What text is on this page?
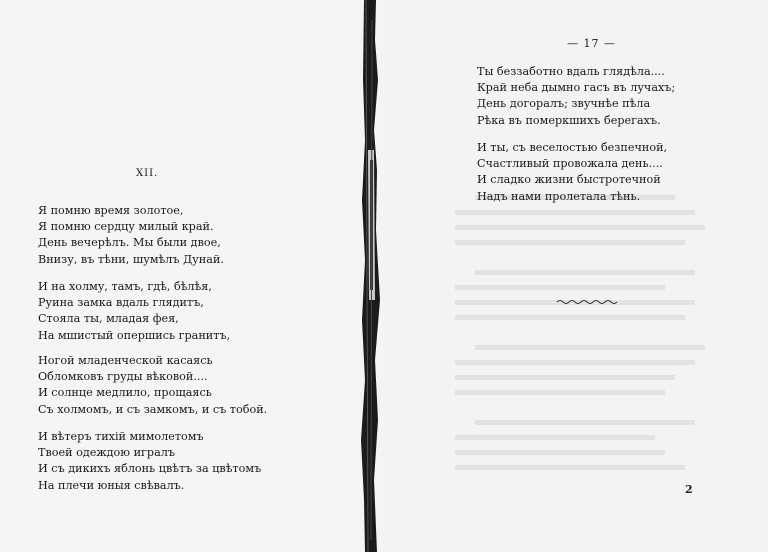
XII.
Я помню время золотое,
Я помню сердцу милый край.
День вечерѣлъ. Мы были двое,
Внизу, въ тѣни, шумѣлъ Дунай.
И на холму, тамъ, гдѣ, бѣлѣя,
Руина замка вдаль глядитъ,
Стояла ты, младая фея,
На мшистый опершись гранитъ,
Ногой младенческой касаясь
Обломковъ груды вѣковой....
И солнце медлило, прощаясь
Съ холмомъ, и съ замкомъ, и съ тобой.
И вѣтеръ тихій мимолетомъ
Твоей одеждою игралъ
И съ дикихъ яблонь цвѣтъ за цвѣтомъ
На плечи юныя свѣвалъ.
— 17 —
Ты беззаботно вдаль глядѣла....
Край неба дымно гасъ въ лучахъ;
День догоралъ; звучнѣе пѣла
Рѣка въ померкшихъ берегахъ.
И ты, съ веселостью безпечной,
Счастливый провожала день....
И сладко жизни быстротечной
Надъ нами пролетала тѣнь.
2
